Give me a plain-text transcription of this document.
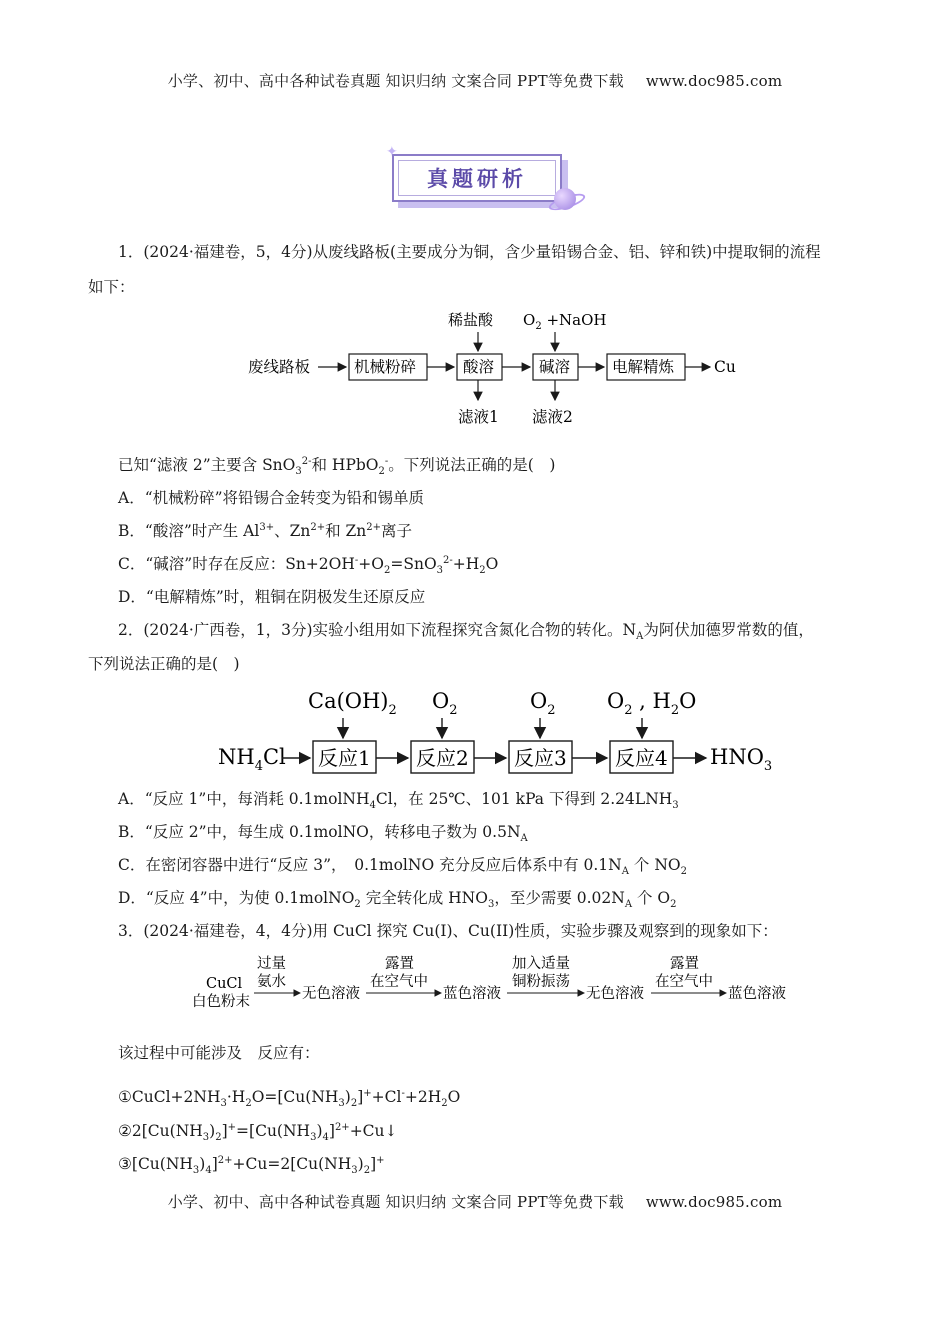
小学、初中、高中各种试卷真题 知识归纳 文案合同 PPT等免费下载 www.doc985.com
真题研析
✦
1．(2024·福建卷，5，4分)从废线路板(主要成分为铜，含少量铅锡合金、铝、锌和铁)中提取铜的流程
如下：
稀盐酸 $O_2$ +NaOH
废线路板	机械粉碎	酸溶	碱溶	电解精炼	Cu
滤液1 滤液2
已知“滤液 2”主要含 SnO$_3^{2-}$和 HPbO$_2$-。下列说法正确的是(　)
A．“机械粉碎”将铅锡合金转变为铅和锡单质
B．“酸溶”时产生 $Al^{3+}$、$Zn^{2+}$和 $Zn^{2+}$离子
C．“碱溶”时存在反应：$Sn+2OH^-+O_2=SnO_3^{2-}+H_2O$
D．“电解精炼”时，粗铜在阴极发生还原反应
2．(2024·广西卷，1，3分)实验小组用如下流程探究含氮化合物的转化。$N_A$为阿伏加德罗常数的值，
下列说法正确的是(　)
$Ca(OH)_2$ $O_2$	$O_2$ $O_2$ , $H_2O$
$NH_4Cl$ 反应1 反应2 反应3 反应4 $HNO_3$
A．“反应 1”中，每消耗 0.1molNH$_4$Cl，在 25℃、101 kPa 下得到 $2.24LNH_3$
B．“反应 2”中，每生成 0.1molNO，转移电子数为 $0.5N_A$
C．在密闭容器中进行“反应 3”，　0.1molNO 充分反应后体系中有 $0.1N_A$ 个 $NO_2$
D．“反应 4”中，为使 0.1molNO$_2$ 完全转化成 $HNO_3$，至少需要 $0.02N_A$ 个 $O_2$
3．(2024·福建卷，4，4分)用 CuCl 探究 Cu(I)、Cu(II)性质，实验步骤及观察到的现象如下：
CuCl
白色粉末
过量
氨水
无色溶液
露置
在空气中
蓝色溶液
加入适量
铜粉振荡
无色溶液
露置
在空气中
蓝色溶液
该过程中可能涉及　反应有：
$①CuCl+2NH_3\cdot H_2O=[Cu(NH_3)_2]^++Cl^-+2H_2O$
$②2[Cu(NH_3)_2]^+=[Cu(NH_3)_4]^{2+}+Cu↓$
$③[Cu(NH_3)_4]^{2+}+Cu=2[Cu(NH_3)_2]^+$
小学、初中、高中各种试卷真题 知识归纳 文案合同 PPT等免费下载 www.doc985.com
